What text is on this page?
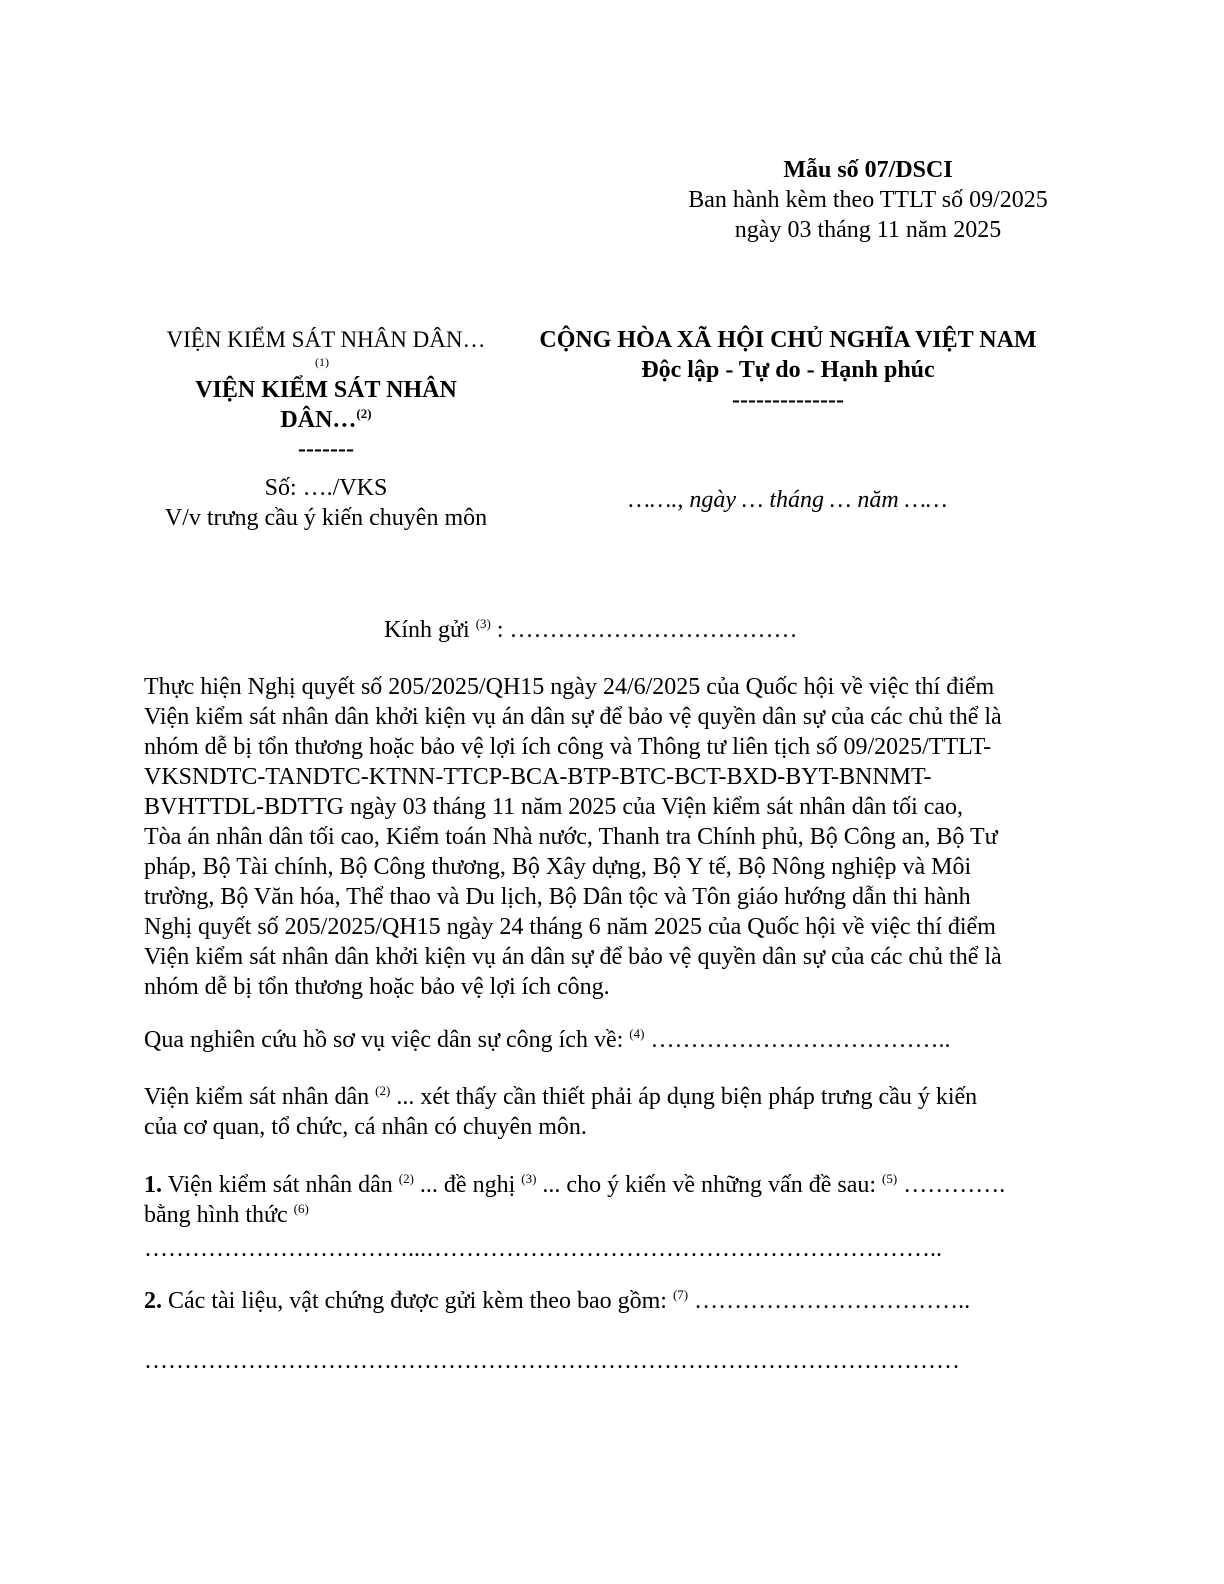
Mẫu số 07/DSCI
Ban hành kèm theo TTLT số 09/2025
ngày 03 tháng 11 năm 2025
VIỆN KIỂM SÁT NHÂN DÂN…
(1)
VIỆN KIỂM SÁT NHÂN
DÂN…$^{(2)}$
-------
Số: …./VKS
V/v trưng cầu ý kiến chuyên môn
CỘNG HÒA XÃ HỘI CHỦ NGHĨA VIỆT NAM
Độc lập - Tự do - Hạnh phúc
--------------
……., ngày … tháng … năm ……
Kính gửi $^{(3)}$ : ………………………………
Thực hiện Nghị quyết số 205/2025/QH15 ngày 24/6/2025 của Quốc hội về việc thí điểm
Viện kiểm sát nhân dân khởi kiện vụ án dân sự để bảo vệ quyền dân sự của các chủ thể là
nhóm dễ bị tổn thương hoặc bảo vệ lợi ích công và Thông tư liên tịch số 09/2025/TTLT-
VKSNDTC-TANDTC-KTNN-TTCP-BCA-BTP-BTC-BCT-BXD-BYT-BNNMT-
BVHTTDL-BDTTG ngày 03 tháng 11 năm 2025 của Viện kiểm sát nhân dân tối cao,
Tòa án nhân dân tối cao, Kiểm toán Nhà nước, Thanh tra Chính phủ, Bộ Công an, Bộ Tư
pháp, Bộ Tài chính, Bộ Công thương, Bộ Xây dựng, Bộ Y tế, Bộ Nông nghiệp và Môi
trường, Bộ Văn hóa, Thể thao và Du lịch, Bộ Dân tộc và Tôn giáo hướng dẫn thi hành
Nghị quyết số 205/2025/QH15 ngày 24 tháng 6 năm 2025 của Quốc hội về việc thí điểm
Viện kiểm sát nhân dân khởi kiện vụ án dân sự để bảo vệ quyền dân sự của các chủ thể là
nhóm dễ bị tổn thương hoặc bảo vệ lợi ích công.
Qua nghiên cứu hồ sơ vụ việc dân sự công ích về: $^{(4)}$ ………………………………..
Viện kiểm sát nhân dân $^{(2)}$ ... xét thấy cần thiết phải áp dụng biện pháp trưng cầu ý kiến
của cơ quan, tổ chức, cá nhân có chuyên môn.
1. Viện kiểm sát nhân dân $^{(2)}$ ... đề nghị $^{(3)}$ ... cho ý kiến về những vấn đề sau: $^{(5)}$ ………….
bằng hình thức $^{(6)}$
……………………………...………………………………………………………..
2. Các tài liệu, vật chứng được gửi kèm theo bao gồm: $^{(7)}$ ……………………………..
…………………………………………………………………………………………
